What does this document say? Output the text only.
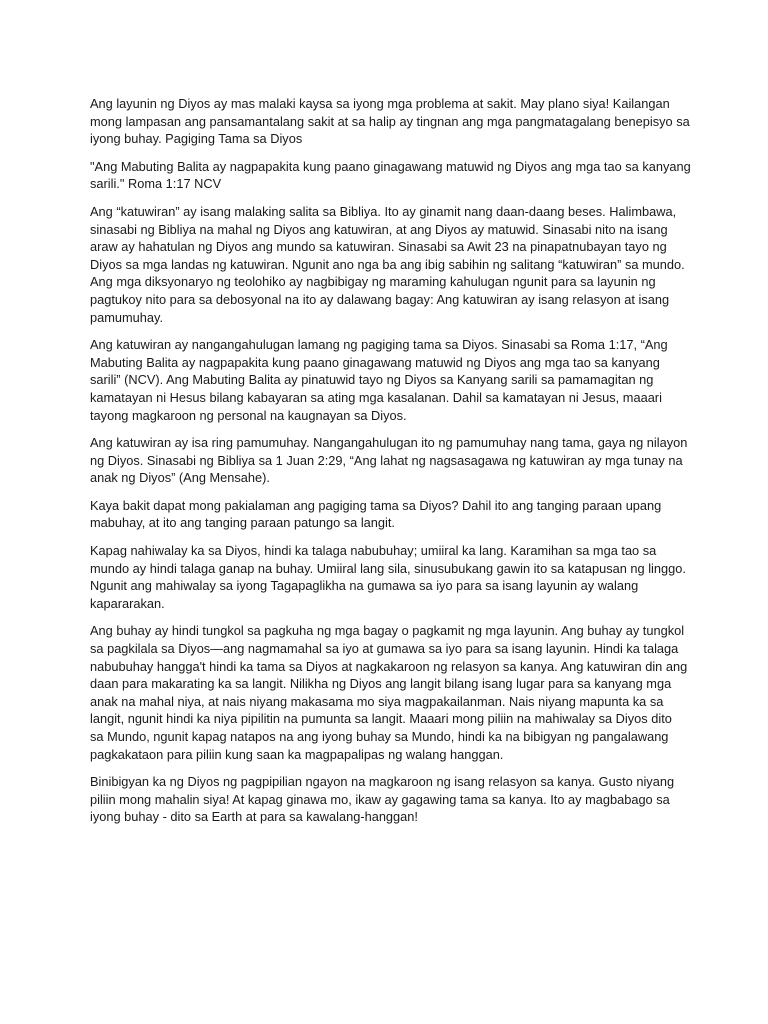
Ang layunin ng Diyos ay mas malaki kaysa sa iyong mga problema at sakit. May plano siya! Kailangan
mong lampasan ang pansamantalang sakit at sa halip ay tingnan ang mga pangmatagalang benepisyo sa
iyong buhay. Pagiging Tama sa Diyos

"Ang Mabuting Balita ay nagpapakita kung paano ginagawang matuwid ng Diyos ang mga tao sa kanyang
sarili." Roma 1:17 NCV

Ang “katuwiran” ay isang malaking salita sa Bibliya. Ito ay ginamit nang daan-daang beses. Halimbawa,
sinasabi ng Bibliya na mahal ng Diyos ang katuwiran, at ang Diyos ay matuwid. Sinasabi nito na isang
araw ay hahatulan ng Diyos ang mundo sa katuwiran. Sinasabi sa Awit 23 na pinapatnubayan tayo ng
Diyos sa mga landas ng katuwiran. Ngunit ano nga ba ang ibig sabihin ng salitang “katuwiran” sa mundo.
Ang mga diksyonaryo ng teolohiko ay nagbibigay ng maraming kahulugan ngunit para sa layunin ng
pagtukoy nito para sa debosyonal na ito ay dalawang bagay: Ang katuwiran ay isang relasyon at isang
pamumuhay.

Ang katuwiran ay nangangahulugan lamang ng pagiging tama sa Diyos. Sinasabi sa Roma 1:17, “Ang
Mabuting Balita ay nagpapakita kung paano ginagawang matuwid ng Diyos ang mga tao sa kanyang
sarili” (NCV). Ang Mabuting Balita ay pinatuwid tayo ng Diyos sa Kanyang sarili sa pamamagitan ng
kamatayan ni Hesus bilang kabayaran sa ating mga kasalanan. Dahil sa kamatayan ni Jesus, maaari
tayong magkaroon ng personal na kaugnayan sa Diyos.

Ang katuwiran ay isa ring pamumuhay. Nangangahulugan ito ng pamumuhay nang tama, gaya ng nilayon
ng Diyos. Sinasabi ng Bibliya sa 1 Juan 2:29, “Ang lahat ng nagsasagawa ng katuwiran ay mga tunay na
anak ng Diyos” (Ang Mensahe).

Kaya bakit dapat mong pakialaman ang pagiging tama sa Diyos? Dahil ito ang tanging paraan upang
mabuhay, at ito ang tanging paraan patungo sa langit.

Kapag nahiwalay ka sa Diyos, hindi ka talaga nabubuhay; umiiral ka lang. Karamihan sa mga tao sa
mundo ay hindi talaga ganap na buhay. Umiiral lang sila, sinusubukang gawin ito sa katapusan ng linggo.
Ngunit ang mahiwalay sa iyong Tagapaglikha na gumawa sa iyo para sa isang layunin ay walang
kapararakan.

Ang buhay ay hindi tungkol sa pagkuha ng mga bagay o pagkamit ng mga layunin. Ang buhay ay tungkol
sa pagkilala sa Diyos—ang nagmamahal sa iyo at gumawa sa iyo para sa isang layunin. Hindi ka talaga
nabubuhay hangga't hindi ka tama sa Diyos at nagkakaroon ng relasyon sa kanya. Ang katuwiran din ang
daan para makarating ka sa langit. Nilikha ng Diyos ang langit bilang isang lugar para sa kanyang mga
anak na mahal niya, at nais niyang makasama mo siya magpakailanman. Nais niyang mapunta ka sa
langit, ngunit hindi ka niya pipilitin na pumunta sa langit. Maaari mong piliin na mahiwalay sa Diyos dito
sa Mundo, ngunit kapag natapos na ang iyong buhay sa Mundo, hindi ka na bibigyan ng pangalawang
pagkakataon para piliin kung saan ka magpapalipas ng walang hanggan.

Binibigyan ka ng Diyos ng pagpipilian ngayon na magkaroon ng isang relasyon sa kanya. Gusto niyang
piliin mong mahalin siya! At kapag ginawa mo, ikaw ay gagawing tama sa kanya. Ito ay magbabago sa
iyong buhay - dito sa Earth at para sa kawalang-hanggan!
